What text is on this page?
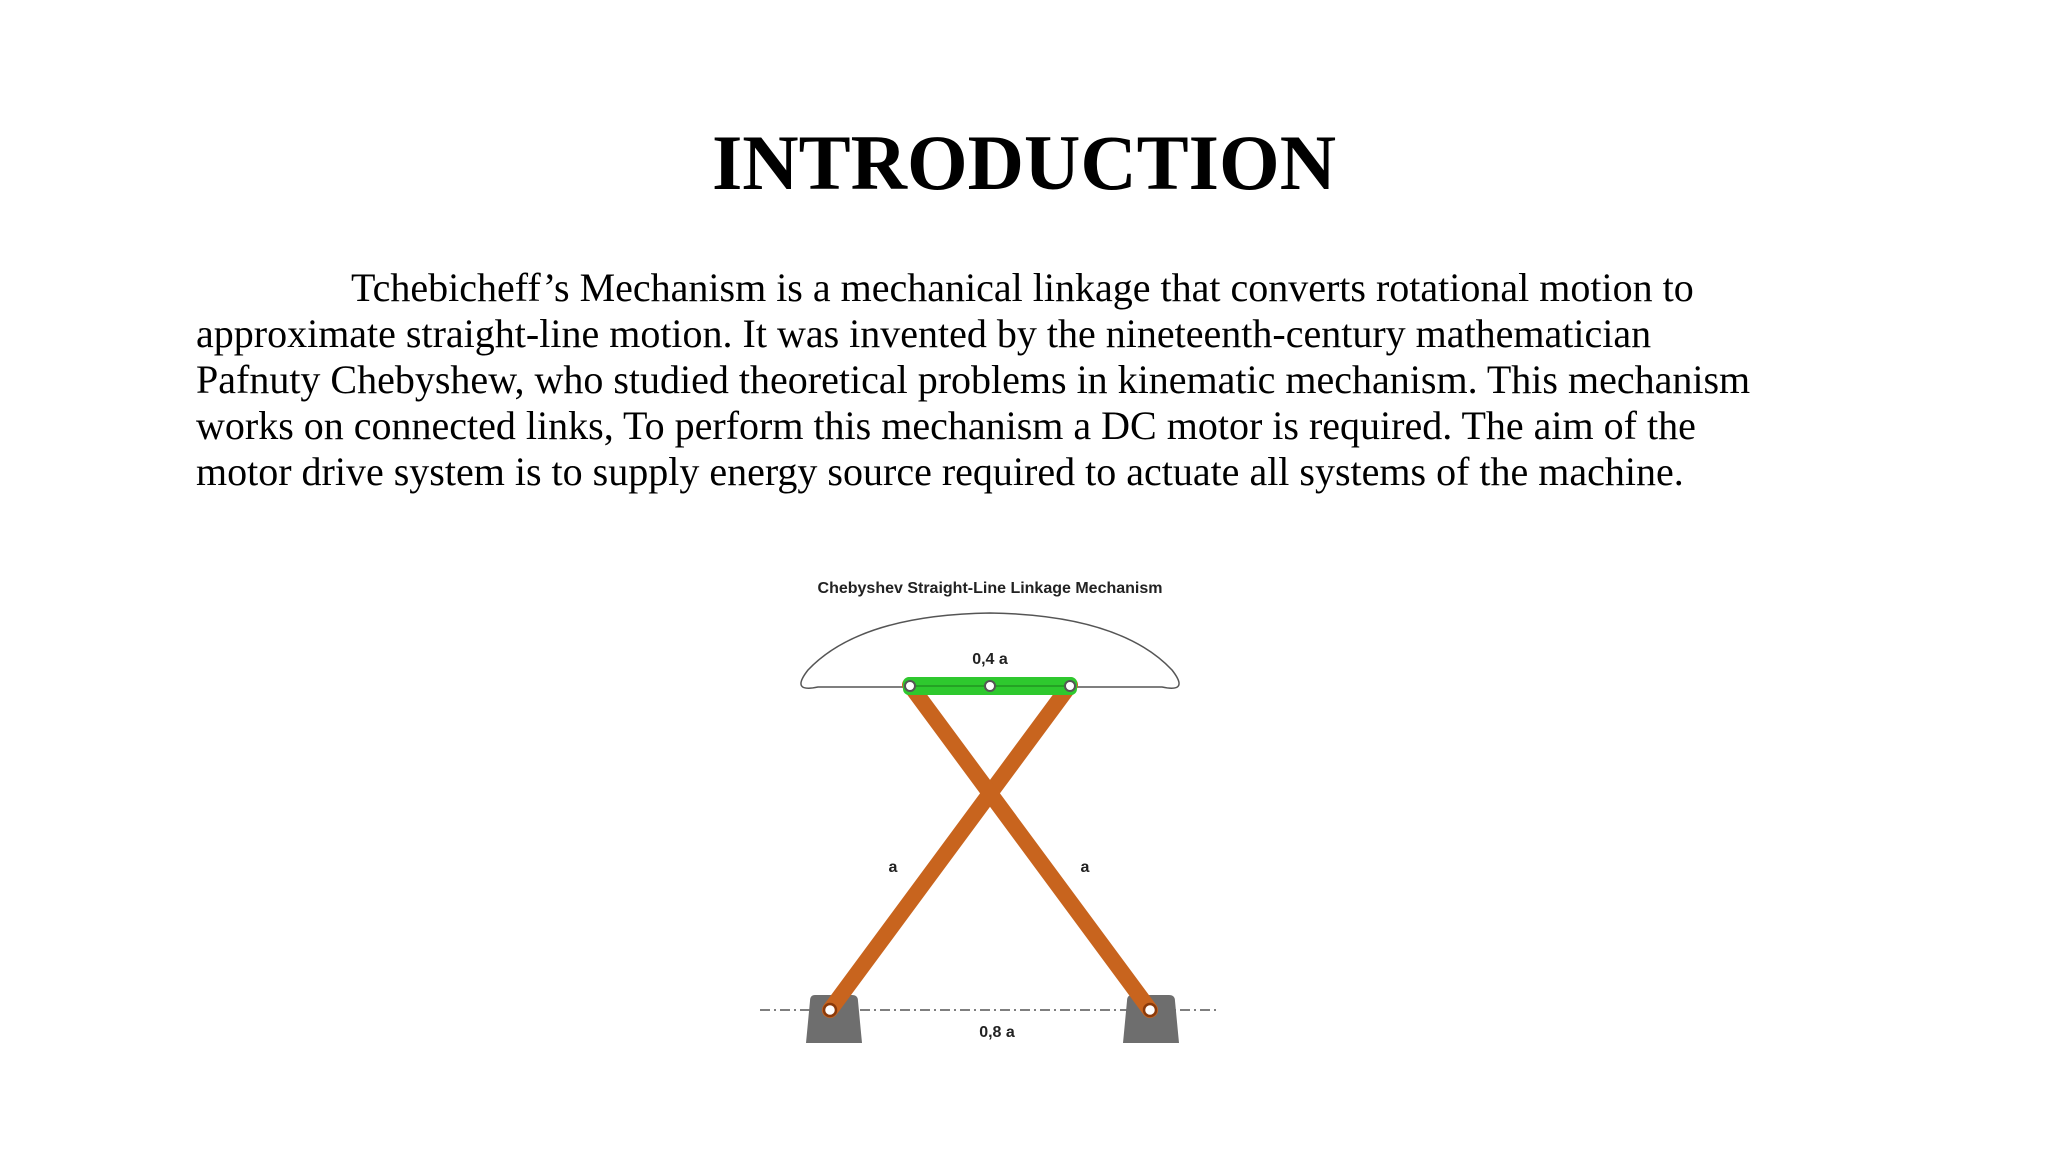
INTRODUCTION
Tchebicheff’s Mechanism is a mechanical linkage that converts rotational motion to
approximate straight-line motion. It was invented by the nineteenth-century mathematician
Pafnuty Chebyshew, who studied theoretical problems in kinematic mechanism. This mechanism
works on connected links, To perform this mechanism a DC motor is required. The aim of the
motor drive system is to supply energy source required to actuate all systems of the machine.
Chebyshev Straight-Line Linkage Mechanism
0,4 a
a	a
0,8 a
